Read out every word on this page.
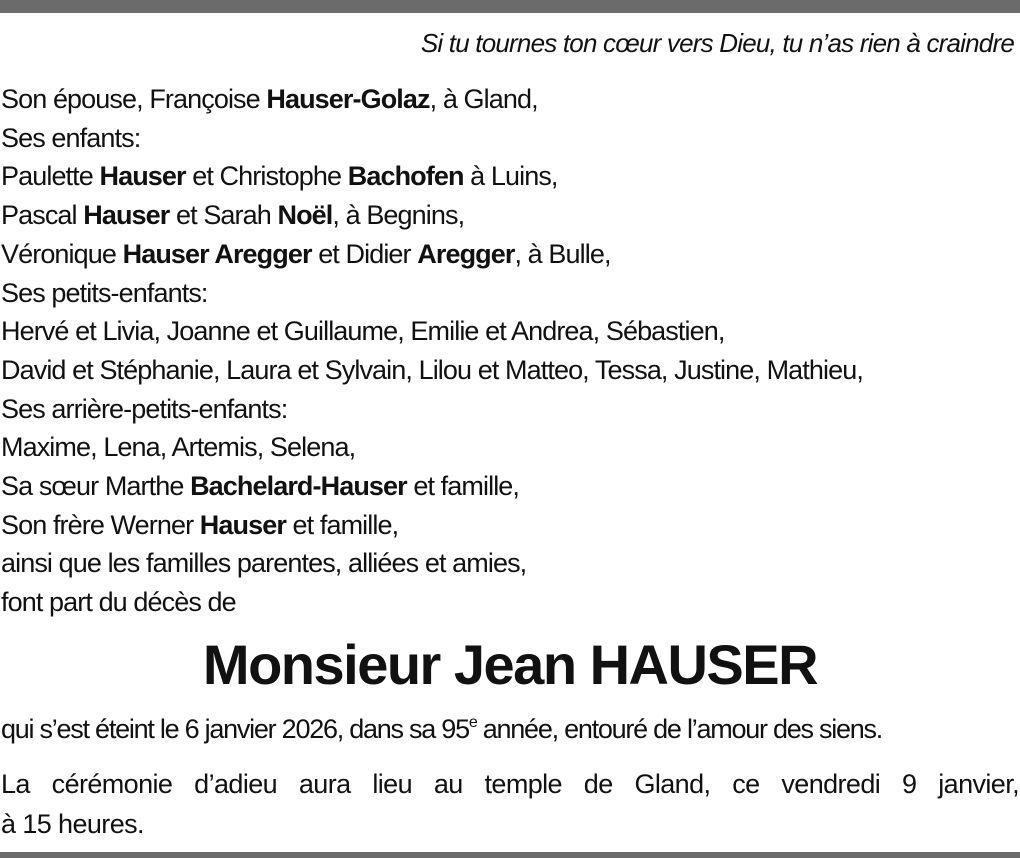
Si tu tournes ton cœur vers Dieu, tu n’as rien à craindre
Son épouse, Françoise Hauser-Golaz, à Gland,
Ses enfants:
Paulette Hauser et Christophe Bachofen à Luins,
Pascal Hauser et Sarah Noël, à Begnins,
Véronique Hauser Aregger et Didier Aregger, à Bulle,
Ses petits-enfants:
Hervé et Livia, Joanne et Guillaume, Emilie et Andrea, Sébastien,
David et Stéphanie, Laura et Sylvain, Lilou et Matteo, Tessa, Justine, Mathieu,
Ses arrière-petits-enfants:
Maxime, Lena, Artemis, Selena,
Sa sœur Marthe Bachelard-Hauser et famille,
Son frère Werner Hauser et famille,
ainsi que les familles parentes, alliées et amies,
font part du décès de
Monsieur Jean HAUSER
qui s’est éteint le 6 janvier 2026, dans sa 95e année, entouré de l’amour des siens.

La cérémonie d’adieu aura lieu au temple de Gland, ce vendredi 9 janvier,
à 15 heures.
